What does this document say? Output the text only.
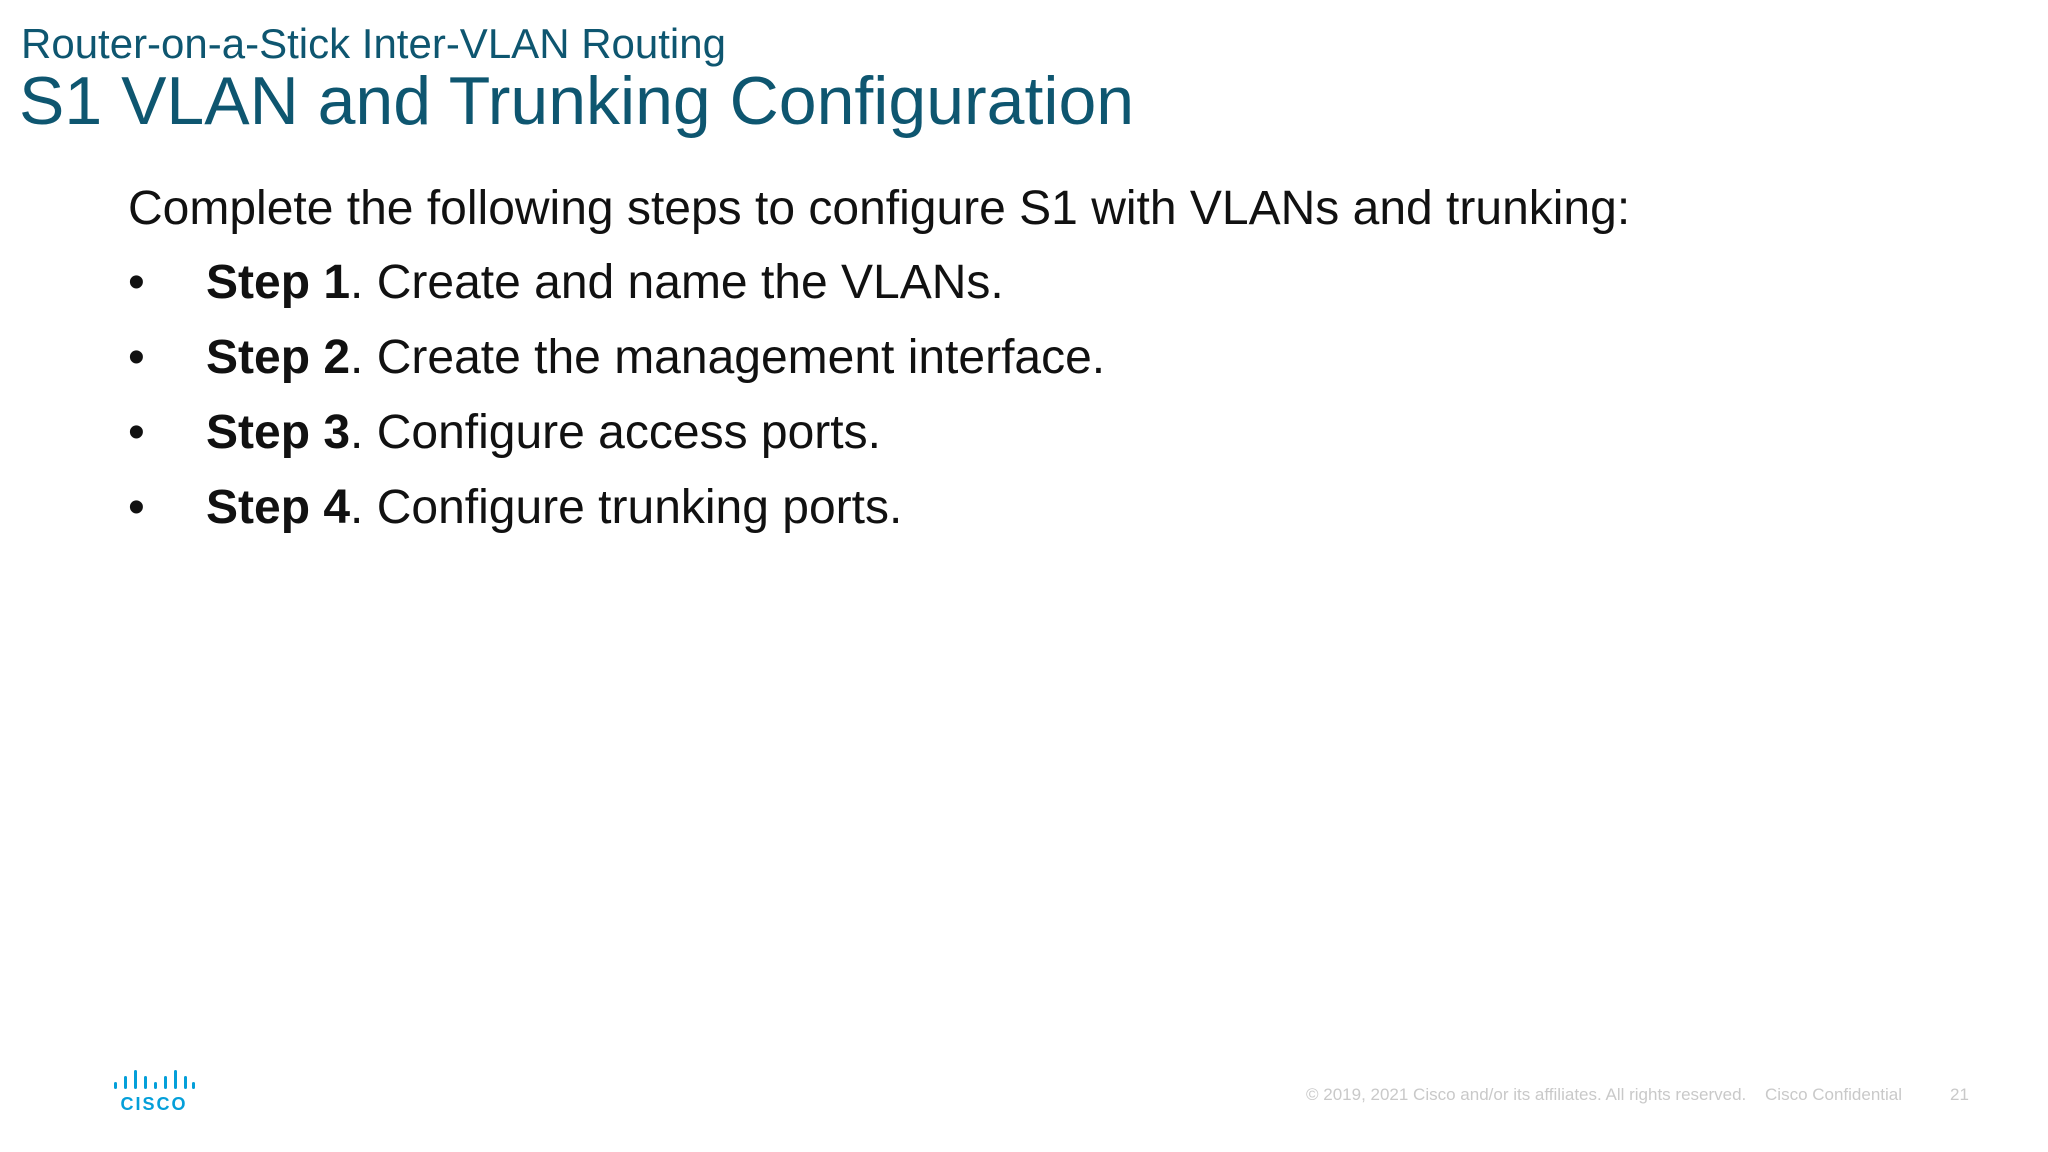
Router-on-a-Stick Inter-VLAN Routing
S1 VLAN and Trunking Configuration

Complete the following steps to configure S1 with VLANs and trunking:

•	Step 1. Create and name the VLANs.
•	Step 2. Create the management interface.
•	Step 3. Configure access ports.
•	Step 4. Configure trunking ports.
CISCO	© 2019, 2021 Cisco and/or its affiliates. All rights reserved. Cisco Confidential	21
